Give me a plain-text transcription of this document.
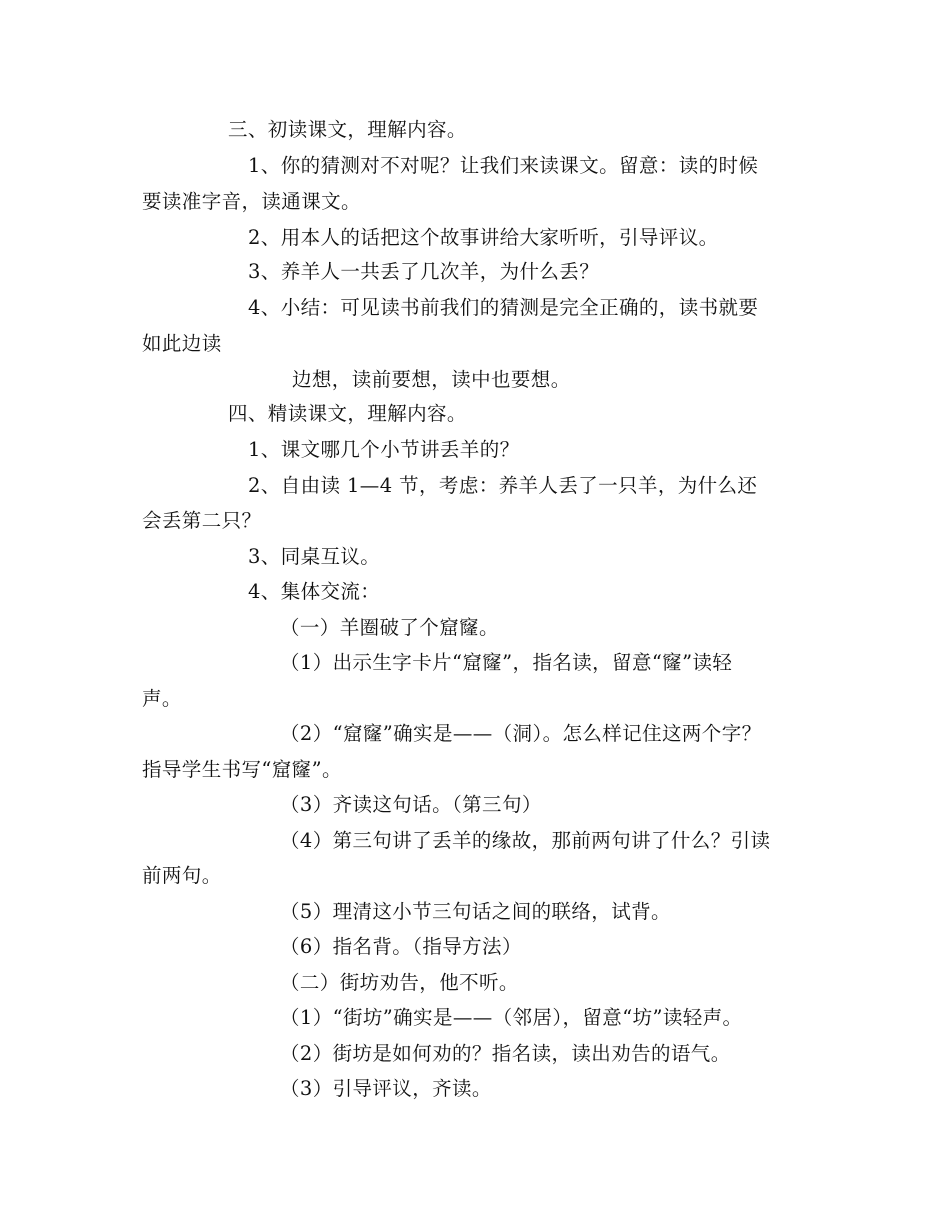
三、初读课文，理解内容。
1、你的猜测对不对呢？让我们来读课文。留意：读的时候
要读准字音，读通课文。
2、用本人的话把这个故事讲给大家听听，引导评议。
3、养羊人一共丢了几次羊，为什么丢？
4、小结：可见读书前我们的猜测是完全正确的，读书就要
如此边读
边想，读前要想，读中也要想。
四、精读课文，理解内容。
1、课文哪几个小节讲丢羊的？
2、自由读 1—4 节，考虑：养羊人丢了一只羊，为什么还
会丢第二只？
3、同桌互议。
4、集体交流：
（一）羊圈破了个窟窿。
（1）出示生字卡片“窟窿”，指名读，留意“窿”读轻
声。
（2）“窟窿”确实是——（洞）。怎么样记住这两个字？
指导学生书写“窟窿”。
（3）齐读这句话。（第三句）
（4）第三句讲了丢羊的缘故，那前两句讲了什么？引读
前两句。
（5）理清这小节三句话之间的联络，试背。
（6）指名背。（指导方法）
（二）街坊劝告，他不听。
（1）“街坊”确实是——（邻居），留意“坊”读轻声。
（2）街坊是如何劝的？指名读，读出劝告的语气。
（3）引导评议，齐读。
